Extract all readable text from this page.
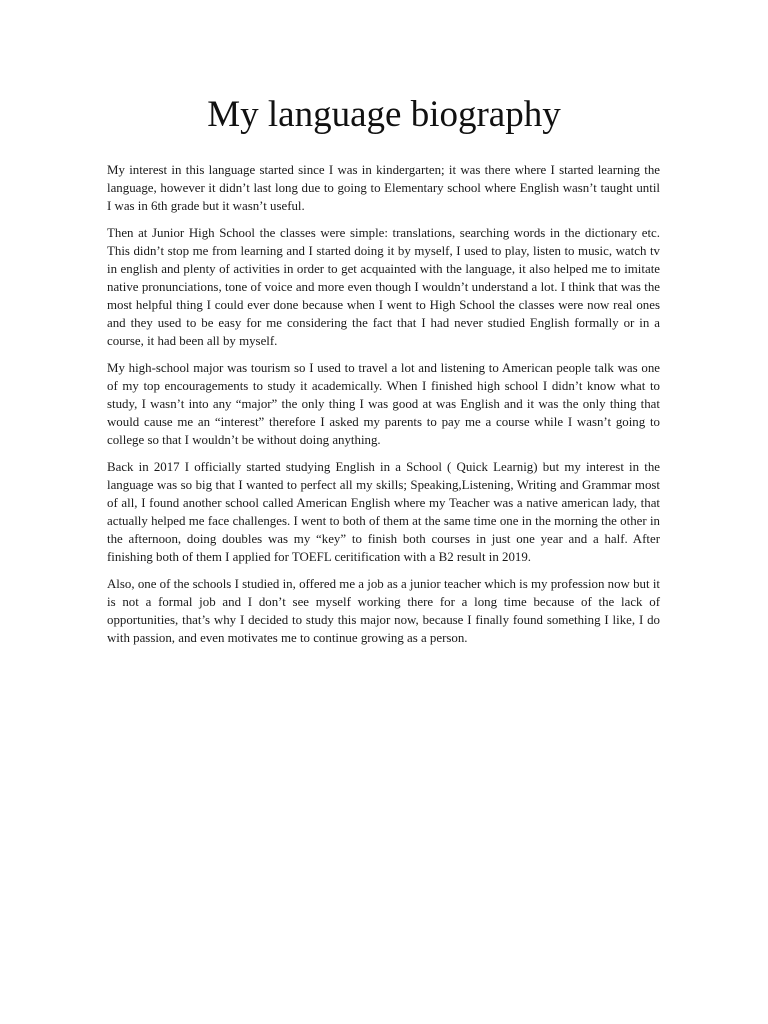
My language biography

My interest in this language started since I was in kindergarten; it was there where I started learning the language, however it didn’t last long due to going to Elementary school where English wasn’t taught until I was in 6th grade but it wasn’t useful.

Then at Junior High School the classes were simple: translations, searching words in the dictionary etc. This didn’t stop me from learning and I started doing it by myself, I used to play, listen to music, watch tv in english and plenty of activities in order to get acquainted with the language, it also helped me to imitate native pronunciations, tone of voice and more even though I wouldn’t understand a lot. I think that was the most helpful thing I could ever done because when I went to High School the classes were now real ones and they used to be easy for me considering the fact that I had never studied English formally or in a course, it had been all by myself.

My high-school major was tourism so I used to travel a lot and listening to American people talk was one of my top encouragements to study it academically. When I finished high school I didn’t know what to study, I wasn’t into any “major” the only thing I was good at was English and it was the only thing that would cause me an “interest” therefore I asked my parents to pay me a course while I wasn’t going to college so that I wouldn’t be without doing anything.

Back in 2017 I officially started studying English in a School ( Quick Learnig) but my interest in the language was so big that I wanted to perfect all my skills; Speaking,Listening, Writing and Grammar most of all, I found another school called American English where my Teacher was a native american lady, that actually helped me face challenges. I went to both of them at the same time one in the morning the other in the afternoon, doing doubles was my “key” to finish both courses in just one year and a half. After finishing both of them I applied for TOEFL ceritification with a B2 result in 2019.

Also, one of the schools I studied in, offered me a job as a junior teacher which is my profession now but it is not a formal job and I don’t see myself working there for a long time because of the lack of opportunities, that’s why I decided to study this major now, because I finally found something I like, I do with passion, and even motivates me to continue growing as a person.
